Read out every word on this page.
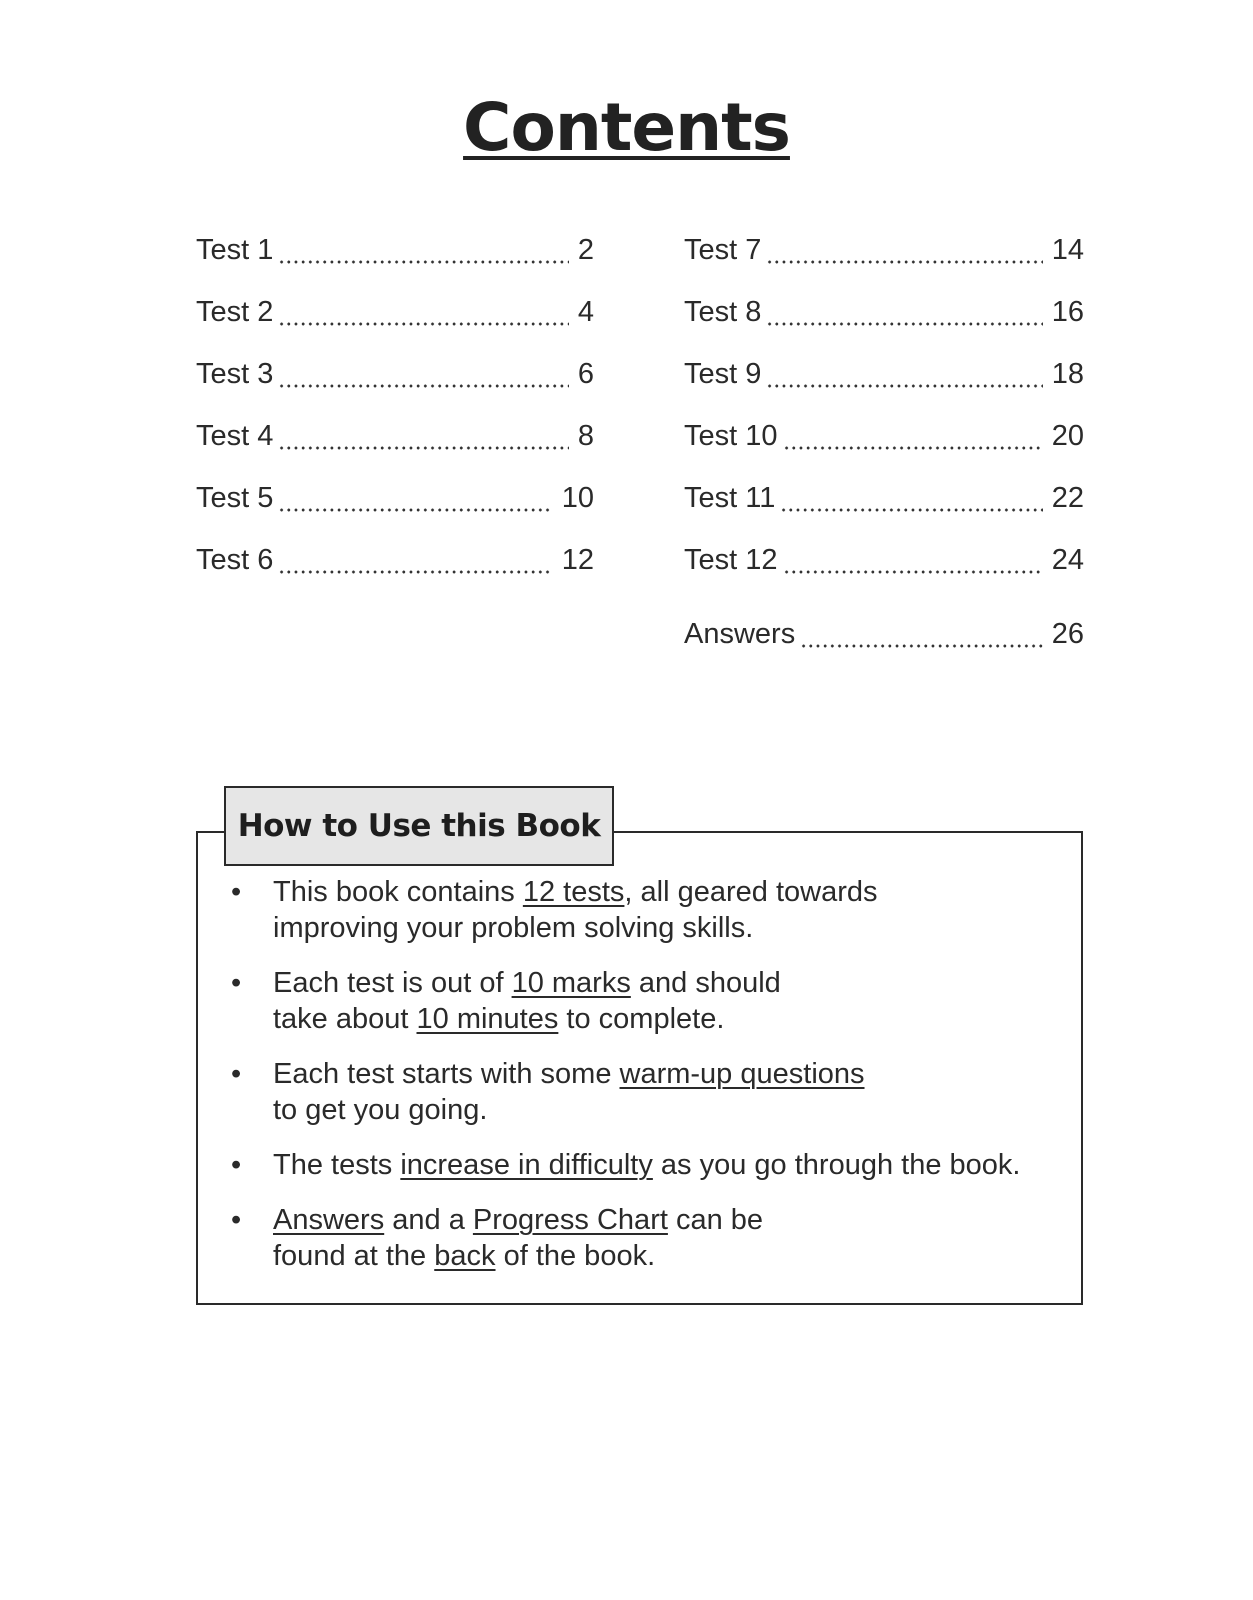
Contents
Test 1	2
Test 2	4
Test 3	6
Test 4	8
Test 5	10
Test 6	12
Test 7	14
Test 8	16
Test 9	18
Test 10	20
Test 11	22
Test 12	24
Answers	26
How to Use this Book
• This book contains 12 tests, all geared towards
improving your problem solving skills.
• Each test is out of 10 marks and should
take about 10 minutes to complete.
• Each test starts with some warm-up questions
to get you going.
• The tests increase in difficulty as you go through the book.
• Answers and a Progress Chart can be
found at the back of the book.
